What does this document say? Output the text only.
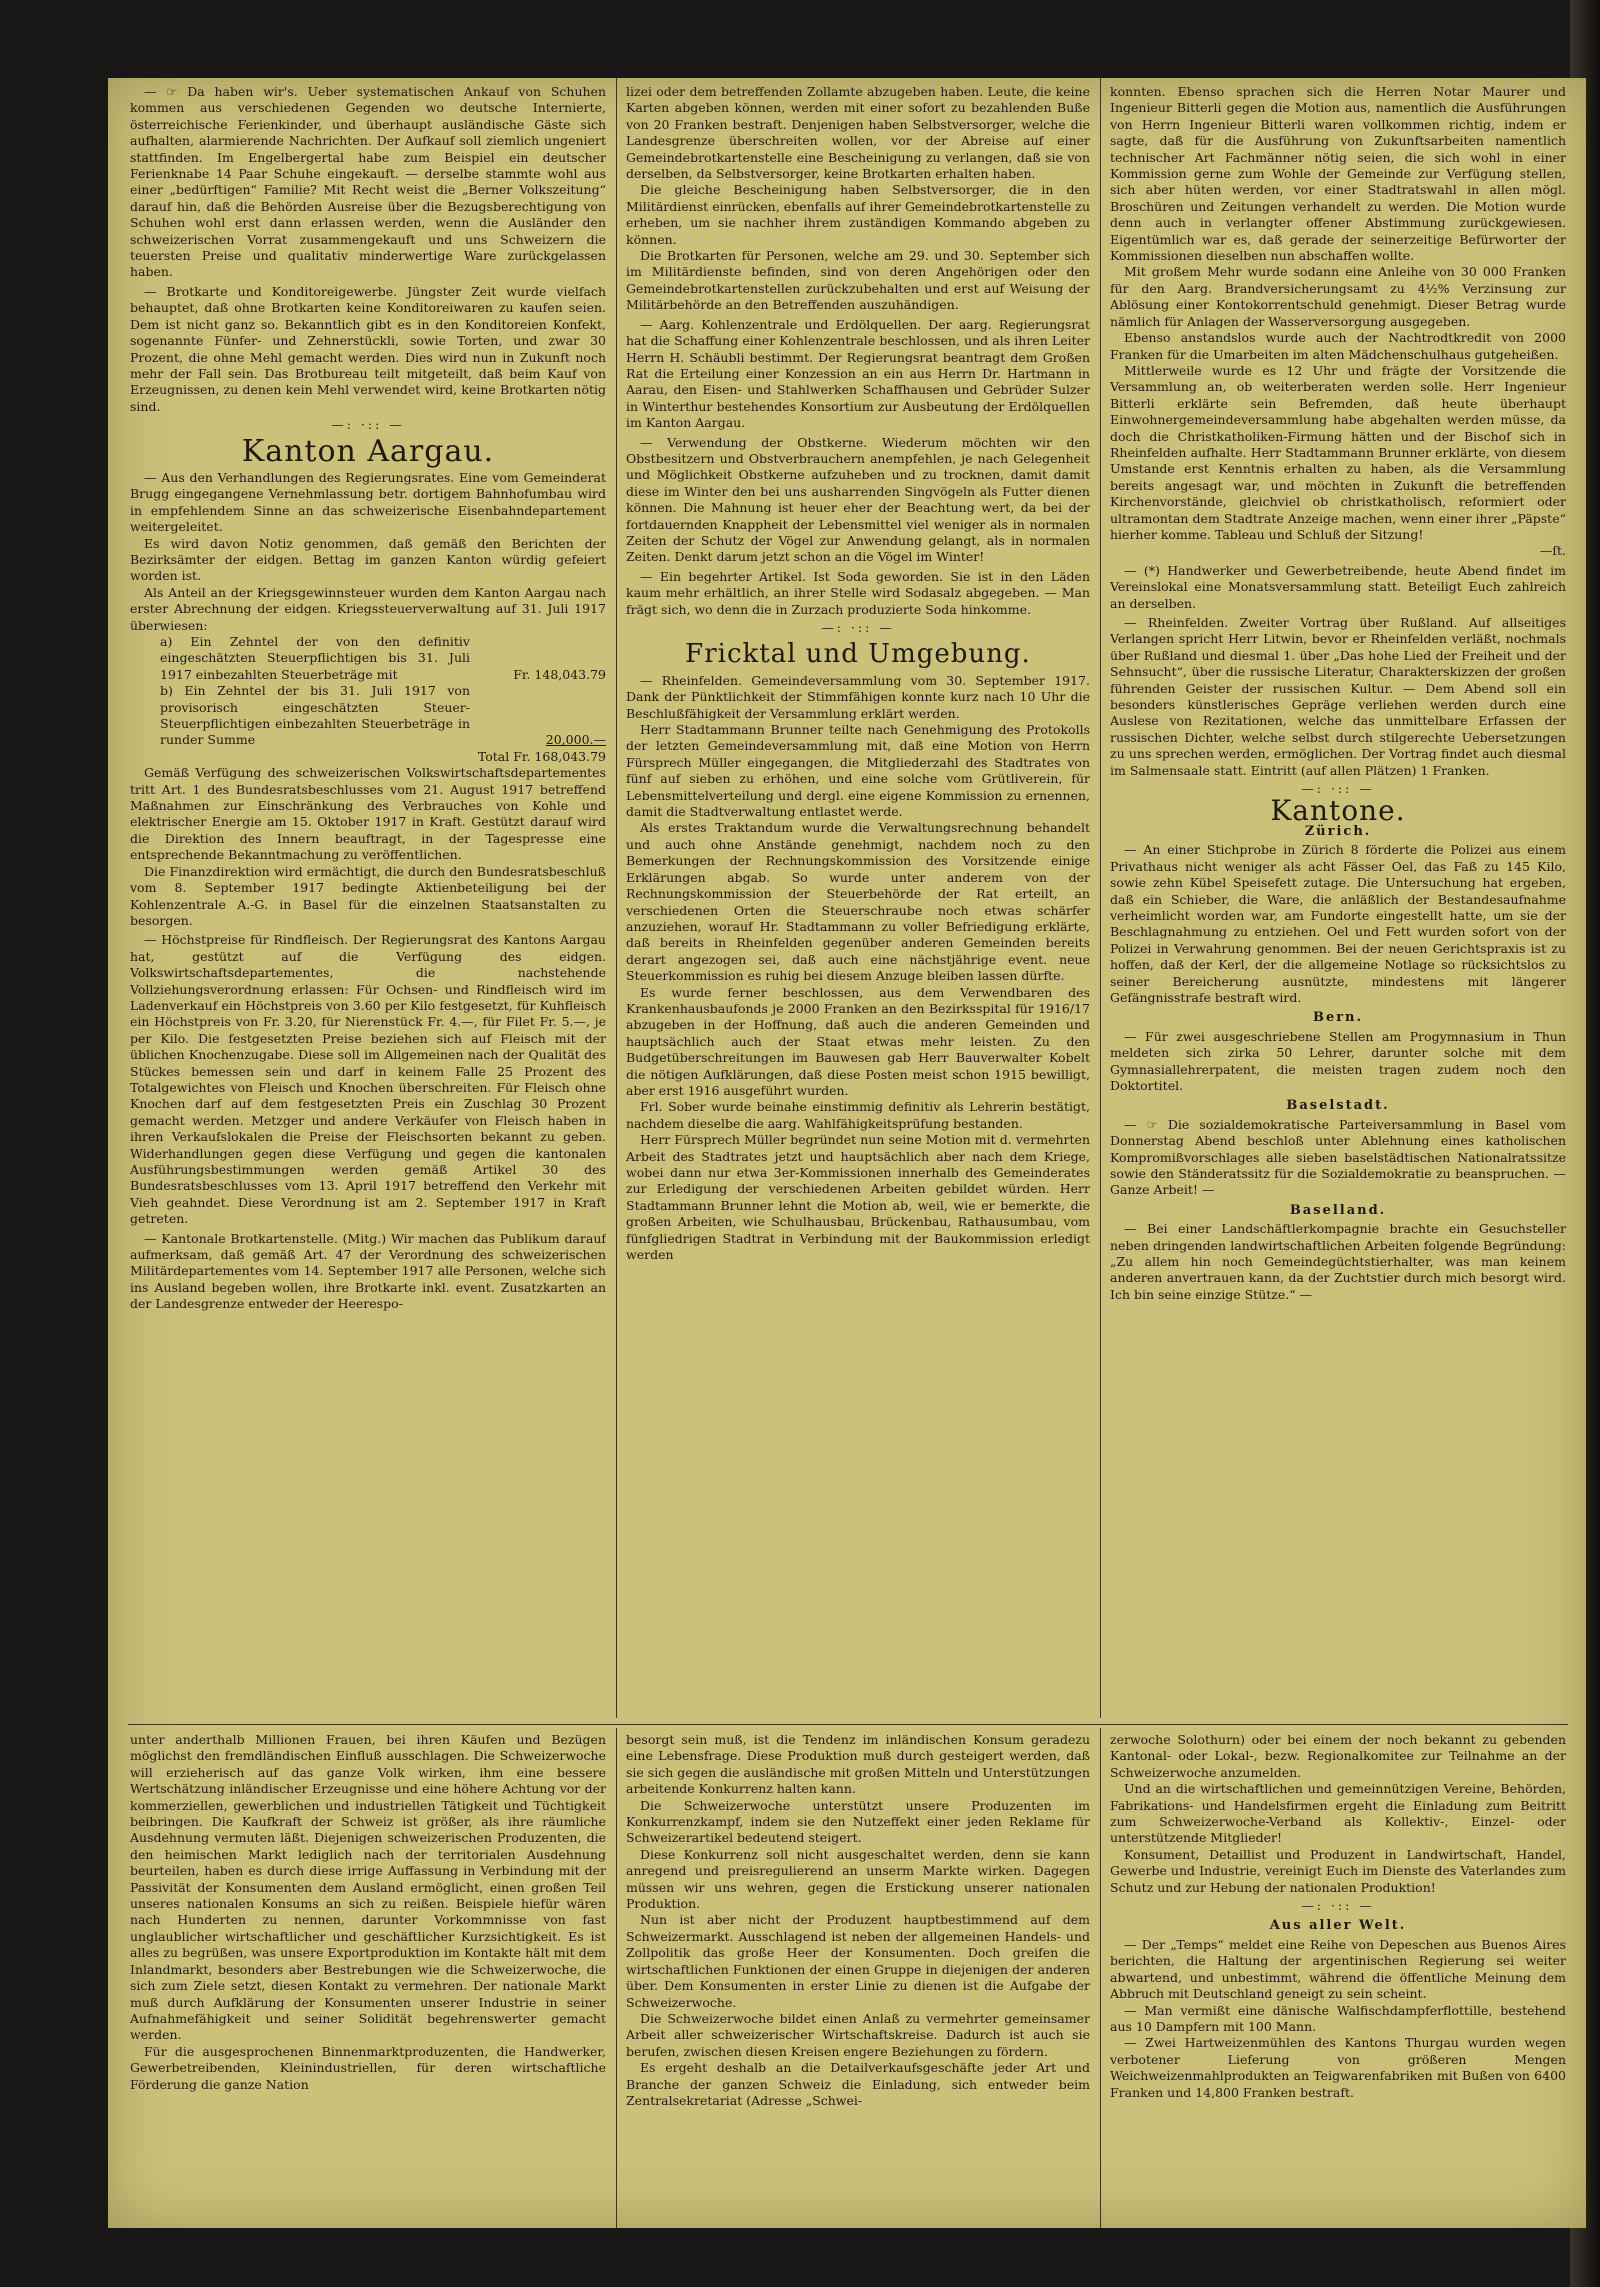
— ☞ Da haben wir's. Ueber systematischen Ankauf von Schuhen kommen aus verschiedenen Gegenden wo deutsche Internierte, österreichische Ferienkinder, und überhaupt ausländische Gäste sich aufhalten, alarmierende Nachrichten. Der Aufkauf soll ziemlich ungeniert stattfinden. Im Engelbergertal habe zum Beispiel ein deutscher Ferienknabe 14 Paar Schuhe eingekauft. — derselbe stammte wohl aus einer „bedürftigen“ Familie? Mit Recht weist die „Berner Volkszeitung“ darauf hin, daß die Behörden Ausreise über die Bezugsberechtigung von Schuhen wohl erst dann erlassen werden, wenn die Ausländer den schweizerischen Vorrat zusammengekauft und uns Schweizern die teuersten Preise und qualitativ minderwertige Ware zurückgelassen haben.

— Brotkarte und Konditoreigewerbe. Jüngster Zeit wurde vielfach behauptet, daß ohne Brotkarten keine Konditoreiwaren zu kaufen seien. Dem ist nicht ganz so. Bekanntlich gibt es in den Konditoreien Konfekt, sogenannte Fünfer- und Zehnerstückli, sowie Torten, und zwar 30 Prozent, die ohne Mehl gemacht werden. Dies wird nun in Zukunft noch mehr der Fall sein. Das Brotbureau teilt mitgeteilt, daß beim Kauf von Erzeugnissen, zu denen kein Mehl verwendet wird, keine Brotkarten nötig sind.

—: ·:: —
Kanton Aargau.

— Aus den Verhandlungen des Regierungsrates. Eine vom Gemeinderat Brugg eingegangene Vernehmlassung betr. dortigem Bahnhofumbau wird in empfehlendem Sinne an das schweizerische Eisenbahndepartement weitergeleitet.

Es wird davon Notiz genommen, daß gemäß den Berichten der Bezirksämter der eidgen. Bettag im ganzen Kanton würdig gefeiert worden ist.

Als Anteil an der Kriegsgewinnsteuer wurden dem Kanton Aargau nach erster Abrechnung der eidgen. Kriegssteuerverwaltung auf 31. Juli 1917 überwiesen:

a) Ein Zehntel der von den definitiv eingeschätzten Steuerpflichtigen bis 31. Juli 1917 einbezahlten Steuerbeträge mit	Fr. 148,043.79
b) Ein Zehntel der bis 31. Juli 1917 von provisorisch eingeschätzten Steuer-Steuerpflichtigen einbezahlten Steuerbeträge in runder Summe	20,000.—
Total Fr. 168,043.79

Gemäß Verfügung des schweizerischen Volkswirtschaftsdepartementes tritt Art. 1 des Bundesratsbeschlusses vom 21. August 1917 betreffend Maßnahmen zur Einschränkung des Verbrauches von Kohle und elektrischer Energie am 15. Oktober 1917 in Kraft. Gestützt darauf wird die Direktion des Innern beauftragt, in der Tagespresse eine entsprechende Bekanntmachung zu veröffentlichen.

Die Finanzdirektion wird ermächtigt, die durch den Bundesratsbeschluß vom 8. September 1917 bedingte Aktienbeteiligung bei der Kohlenzentrale A.-G. in Basel für die einzelnen Staatsanstalten zu besorgen.

— Höchstpreise für Rindfleisch. Der Regierungsrat des Kantons Aargau hat, gestützt auf die Verfügung des eidgen. Volkswirtschaftsdepartementes, die nachstehende Vollziehungsverordnung erlassen: Für Ochsen- und Rindfleisch wird im Ladenverkauf ein Höchstpreis von 3.60 per Kilo festgesetzt, für Kuhfleisch ein Höchstpreis von Fr. 3.20, für Nierenstück Fr. 4.—, für Filet Fr. 5.—, je per Kilo. Die festgesetzten Preise beziehen sich auf Fleisch mit der üblichen Knochenzugabe. Diese soll im Allgemeinen nach der Qualität des Stückes bemessen sein und darf in keinem Falle 25 Prozent des Totalgewichtes von Fleisch und Knochen überschreiten. Für Fleisch ohne Knochen darf auf dem festgesetzten Preis ein Zuschlag 30 Prozent gemacht werden. Metzger und andere Verkäufer von Fleisch haben in ihren Verkaufslokalen die Preise der Fleischsorten bekannt zu geben. Widerhandlungen gegen diese Verfügung und gegen die kantonalen Ausführungsbestimmungen werden gemäß Artikel 30 des Bundesratsbeschlusses vom 13. April 1917 betreffend den Verkehr mit Vieh geahndet. Diese Verordnung ist am 2. September 1917 in Kraft getreten.

— Kantonale Brotkartenstelle. (Mitg.) Wir machen das Publikum darauf aufmerksam, daß gemäß Art. 47 der Verordnung des schweizerischen Militärdepartementes vom 14. September 1917 alle Personen, welche sich ins Ausland begeben wollen, ihre Brotkarte inkl. event. Zusatzkarten an der Landesgrenze entweder der Heerespo-

lizei oder dem betreffenden Zollamte abzugeben haben. Leute, die keine Karten abgeben können, werden mit einer sofort zu bezahlenden Buße von 20 Franken bestraft. Denjenigen haben Selbstversorger, welche die Landesgrenze überschreiten wollen, vor der Abreise auf einer Gemeindebrotkartenstelle eine Bescheinigung zu verlangen, daß sie von derselben, da Selbstversorger, keine Brotkarten erhalten haben.

Die gleiche Bescheinigung haben Selbstversorger, die in den Militärdienst einrücken, ebenfalls auf ihrer Gemeindebrotkartenstelle zu erheben, um sie nachher ihrem zuständigen Kommando abgeben zu können.

Die Brotkarten für Personen, welche am 29. und 30. September sich im Militärdienste befinden, sind von deren Angehörigen oder den Gemeindebrotkartenstellen zurückzubehalten und erst auf Weisung der Militärbehörde an den Betreffenden auszuhändigen.

— Aarg. Kohlenzentrale und Erdölquellen. Der aarg. Regierungsrat hat die Schaffung einer Kohlenzentrale beschlossen, und als ihren Leiter Herrn H. Schäubli bestimmt. Der Regierungsrat beantragt dem Großen Rat die Erteilung einer Konzession an ein aus Herrn Dr. Hartmann in Aarau, den Eisen- und Stahlwerken Schaffhausen und Gebrüder Sulzer in Winterthur bestehendes Konsortium zur Ausbeutung der Erdölquellen im Kanton Aargau.

— Verwendung der Obstkerne. Wiederum möchten wir den Obstbesitzern und Obstverbrauchern anempfehlen, je nach Gelegenheit und Möglichkeit Obstkerne aufzuheben und zu trocknen, damit damit diese im Winter den bei uns ausharrenden Singvögeln als Futter dienen können. Die Mahnung ist heuer eher der Beachtung wert, da bei der fortdauernden Knappheit der Lebensmittel viel weniger als in normalen Zeiten der Schutz der Vögel zur Anwendung gelangt, als in normalen Zeiten. Denkt darum jetzt schon an die Vögel im Winter!

— Ein begehrter Artikel. Ist Soda geworden. Sie ist in den Läden kaum mehr erhältlich, an ihrer Stelle wird Sodasalz abgegeben. — Man frägt sich, wo denn die in Zurzach produzierte Soda hinkomme.

—: ·:: —
Fricktal und Umgebung.

— Rheinfelden. Gemeindeversammlung vom 30. September 1917. Dank der Pünktlichkeit der Stimmfähigen konnte kurz nach 10 Uhr die Beschlußfähigkeit der Versammlung erklärt werden.

Herr Stadtammann Brunner teilte nach Genehmigung des Protokolls der letzten Gemeindeversammlung mit, daß eine Motion von Herrn Fürsprech Müller eingegangen, die Mitgliederzahl des Stadtrates von fünf auf sieben zu erhöhen, und eine solche vom Grütliverein, für Lebensmittelverteilung und dergl. eine eigene Kommission zu ernennen, damit die Stadtverwaltung entlastet werde.

Als erstes Traktandum wurde die Verwaltungsrechnung behandelt und auch ohne Anstände genehmigt, nachdem noch zu den Bemerkungen der Rechnungskommission des Vorsitzende einige Erklärungen abgab. So wurde unter anderem von der Rechnungskommission der Steuerbehörde der Rat erteilt, an verschiedenen Orten die Steuerschraube noch etwas schärfer anzuziehen, worauf Hr. Stadtammann zu voller Befriedigung erklärte, daß bereits in Rheinfelden gegenüber anderen Gemeinden bereits derart angezogen sei, daß auch eine nächstjährige event. neue Steuerkommission es ruhig bei diesem Anzuge bleiben lassen dürfte.

Es wurde ferner beschlossen, aus dem Verwendbaren des Krankenhausbaufonds je 2000 Franken an den Bezirksspital für 1916/17 abzugeben in der Hoffnung, daß auch die anderen Gemeinden und hauptsächlich auch der Staat etwas mehr leisten. Zu den Budgetüberschreitungen im Bauwesen gab Herr Bauverwalter Kobelt die nötigen Aufklärungen, daß diese Posten meist schon 1915 bewilligt, aber erst 1916 ausgeführt wurden.

Frl. Sober wurde beinahe einstimmig definitiv als Lehrerin bestätigt, nachdem dieselbe die aarg. Wahlfähigkeitsprüfung bestanden.

Herr Fürsprech Müller begründet nun seine Motion mit d. vermehrten Arbeit des Stadtrates jetzt und hauptsächlich aber nach dem Kriege, wobei dann nur etwa 3er-Kommissionen innerhalb des Gemeinderates zur Erledigung der verschiedenen Arbeiten gebildet würden. Herr Stadtammann Brunner lehnt die Motion ab, weil, wie er bemerkte, die großen Arbeiten, wie Schulhausbau, Brückenbau, Rathausumbau, vom fünfgliedrigen Stadtrat in Verbindung mit der Baukommission erledigt werden

konnten. Ebenso sprachen sich die Herren Notar Maurer und Ingenieur Bitterli gegen die Motion aus, namentlich die Ausführungen von Herrn Ingenieur Bitterli waren vollkommen richtig, indem er sagte, daß für die Ausführung von Zukunftsarbeiten namentlich technischer Art Fachmänner nötig seien, die sich wohl in einer Kommission gerne zum Wohle der Gemeinde zur Verfügung stellen, sich aber hüten werden, vor einer Stadtratswahl in allen mögl. Broschüren und Zeitungen verhandelt zu werden. Die Motion wurde denn auch in verlangter offener Abstimmung zurückgewiesen. Eigentümlich war es, daß gerade der seinerzeitige Befürworter der Kommissionen dieselben nun abschaffen wollte.

Mit großem Mehr wurde sodann eine Anleihe von 30 000 Franken für den Aarg. Brandversicherungsamt zu 4½% Verzinsung zur Ablösung einer Kontokorrentschuld genehmigt. Dieser Betrag wurde nämlich für Anlagen der Wasserversorgung ausgegeben.

Ebenso anstandslos wurde auch der Nachtrodtkredit von 2000 Franken für die Umarbeiten im alten Mädchenschulhaus gutgeheißen.

Mittlerweile wurde es 12 Uhr und frägte der Vorsitzende die Versammlung an, ob weiterberaten werden solle. Herr Ingenieur Bitterli erklärte sein Befremden, daß heute überhaupt Einwohnergemeindeversammlung habe abgehalten werden müsse, da doch die Christkatholiken-Firmung hätten und der Bischof sich in Rheinfelden aufhalte. Herr Stadtammann Brunner erklärte, von diesem Umstande erst Kenntnis erhalten zu haben, als die Versammlung bereits angesagt war, und möchten in Zukunft die betreffenden Kirchenvorstände, gleichviel ob christkatholisch, reformiert oder ultramontan dem Stadtrate Anzeige machen, wenn einer ihrer „Päpste“ hierher komme. Tableau und Schluß der Sitzung!

—ſt.

— (*) Handwerker und Gewerbetreibende, heute Abend findet im Vereinslokal eine Monatsversammlung statt. Beteiligt Euch zahlreich an derselben.

— Rheinfelden. Zweiter Vortrag über Rußland. Auf allseitiges Verlangen spricht Herr Litwin, bevor er Rheinfelden verläßt, nochmals über Rußland und diesmal 1. über „Das hohe Lied der Freiheit und der Sehnsucht“, über die russische Literatur, Charakterskizzen der großen führenden Geister der russischen Kultur. — Dem Abend soll ein besonders künstlerisches Gepräge verliehen werden durch eine Auslese von Rezitationen, welche das unmittelbare Erfassen der russischen Dichter, welche selbst durch stilgerechte Uebersetzungen zu uns sprechen werden, ermöglichen. Der Vortrag findet auch diesmal im Salmensaale statt. Eintritt (auf allen Plätzen) 1 Franken.

—: ·:: —
Kantone.
Zürich.

— An einer Stichprobe in Zürich 8 förderte die Polizei aus einem Privathaus nicht weniger als acht Fässer Oel, das Faß zu 145 Kilo, sowie zehn Kübel Speisefett zutage. Die Untersuchung hat ergeben, daß ein Schieber, die Ware, die anläßlich der Bestandesaufnahme verheimlicht worden war, am Fundorte eingestellt hatte, um sie der Beschlagnahmung zu entziehen. Oel und Fett wurden sofort von der Polizei in Verwahrung genommen. Bei der neuen Gerichtspraxis ist zu hoffen, daß der Kerl, der die allgemeine Notlage so rücksichtslos zu seiner Bereicherung ausnützte, mindestens mit längerer Gefängnisstrafe bestraft wird.

Bern.

— Für zwei ausgeschriebene Stellen am Progymnasium in Thun meldeten sich zirka 50 Lehrer, darunter solche mit dem Gymnasiallehrerpatent, die meisten tragen zudem noch den Doktortitel.

Baselstadt.

— ☞ Die sozialdemokratische Parteiversammlung in Basel vom Donnerstag Abend beschloß unter Ablehnung eines katholischen Kompromißvorschlages alle sieben baselstädtischen Nationalratssitze sowie den Ständeratssitz für die Sozialdemokratie zu beanspruchen. — Ganze Arbeit! —

Baselland.

— Bei einer Landschäftlerkompagnie brachte ein Gesuchsteller neben dringenden landwirtschaftlichen Arbeiten folgende Begründung: „Zu allem hin noch Gemeindegüchtstierhalter, was man keinem anderen anvertrauen kann, da der Zuchtstier durch mich besorgt wird. Ich bin seine einzige Stütze.“ —

unter anderthalb Millionen Frauen, bei ihren Käufen und Bezügen möglichst den fremdländischen Einfluß ausschlagen. Die Schweizerwoche will erzieherisch auf das ganze Volk wirken, ihm eine bessere Wertschätzung inländischer Erzeugnisse und eine höhere Achtung vor der kommerziellen, gewerblichen und industriellen Tätigkeit und Tüchtigkeit beibringen. Die Kaufkraft der Schweiz ist größer, als ihre räumliche Ausdehnung vermuten läßt. Diejenigen schweizerischen Produzenten, die den heimischen Markt lediglich nach der territorialen Ausdehnung beurteilen, haben es durch diese irrige Auffassung in Verbindung mit der Passivität der Konsumenten dem Ausland ermöglicht, einen großen Teil unseres nationalen Konsums an sich zu reißen. Beispiele hiefür wären nach Hunderten zu nennen, darunter Vorkommnisse von fast unglaublicher wirtschaftlicher und geschäftlicher Kurzsichtigkeit. Es ist alles zu begrüßen, was unsere Exportproduktion im Kontakte hält mit dem Inlandmarkt, besonders aber Bestrebungen wie die Schweizerwoche, die sich zum Ziele setzt, diesen Kontakt zu vermehren. Der nationale Markt muß durch Aufklärung der Konsumenten unserer Industrie in seiner Aufnahmefähigkeit und seiner Solidität begehrenswerter gemacht werden.

Für die ausgesprochenen Binnenmarktproduzenten, die Handwerker, Gewerbetreibenden, Kleinindustriellen, für deren wirtschaftliche Förderung die ganze Nation

besorgt sein muß, ist die Tendenz im inländischen Konsum geradezu eine Lebensfrage. Diese Produktion muß durch gesteigert werden, daß sie sich gegen die ausländische mit großen Mitteln und Unterstützungen arbeitende Konkurrenz halten kann.

Die Schweizerwoche unterstützt unsere Produzenten im Konkurrenzkampf, indem sie den Nutzeffekt einer jeden Reklame für Schweizerartikel bedeutend steigert.

Diese Konkurrenz soll nicht ausgeschaltet werden, denn sie kann anregend und preisregulierend an unserm Markte wirken. Dagegen müssen wir uns wehren, gegen die Erstickung unserer nationalen Produktion.

Nun ist aber nicht der Produzent hauptbestimmend auf dem Schweizermarkt. Ausschlagend ist neben der allgemeinen Handels- und Zollpolitik das große Heer der Konsumenten. Doch greifen die wirtschaftlichen Funktionen der einen Gruppe in diejenigen der anderen über. Dem Konsumenten in erster Linie zu dienen ist die Aufgabe der Schweizerwoche.

Die Schweizerwoche bildet einen Anlaß zu vermehrter gemeinsamer Arbeit aller schweizerischer Wirtschaftskreise. Dadurch ist auch sie berufen, zwischen diesen Kreisen engere Beziehungen zu fördern.

Es ergeht deshalb an die Detailverkaufsgeschäfte jeder Art und Branche der ganzen Schweiz die Einladung, sich entweder beim Zentralsekretariat (Adresse „Schwei-

zerwoche Solothurn) oder bei einem der noch bekannt zu gebenden Kantonal- oder Lokal-, bezw. Regionalkomitee zur Teilnahme an der Schweizerwoche anzumelden.

Und an die wirtschaftlichen und gemeinnützigen Vereine, Behörden, Fabrikations- und Handelsfirmen ergeht die Einladung zum Beitritt zum Schweizerwoche-Verband als Kollektiv-, Einzel- oder unterstützende Mitglieder!

Konsument, Detaillist und Produzent in Landwirtschaft, Handel, Gewerbe und Industrie, vereinigt Euch im Dienste des Vaterlandes zum Schutz und zur Hebung der nationalen Produktion!

—: ·:: —
Aus aller Welt.

— Der „Temps“ meldet eine Reihe von Depeschen aus Buenos Aires berichten, die Haltung der argentinischen Regierung sei weiter abwartend, und unbestimmt, während die öffentliche Meinung dem Abbruch mit Deutschland geneigt zu sein scheint.

— Man vermißt eine dänische Walfischdampferflottille, bestehend aus 10 Dampfern mit 100 Mann.

— Zwei Hartweizenmühlen des Kantons Thurgau wurden wegen verbotener Lieferung von größeren Mengen Weichweizenmahlprodukten an Teigwarenfabriken mit Bußen von 6400 Franken und 14,800 Franken bestraft.
